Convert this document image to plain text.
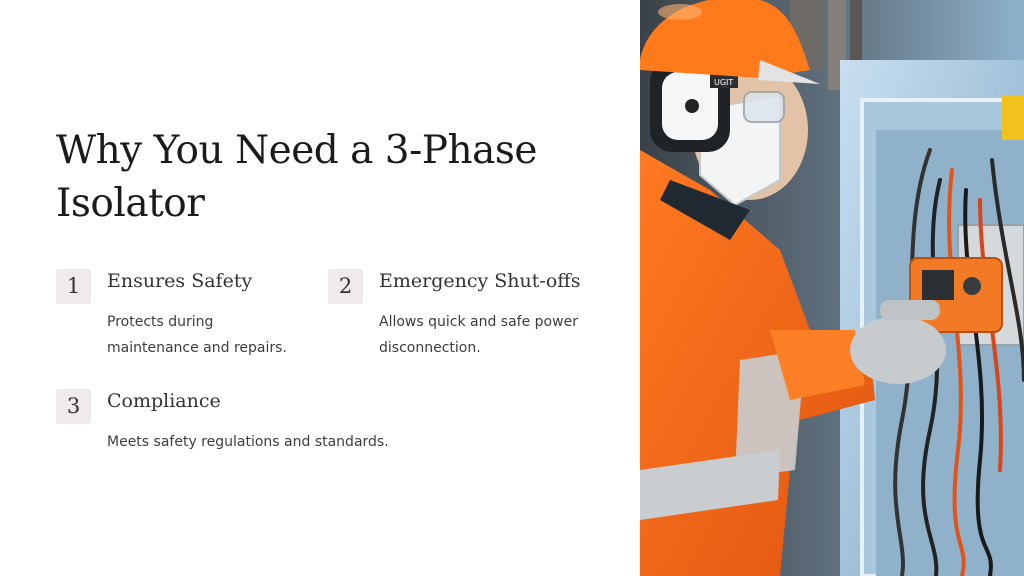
Why You Need a 3-Phase Isolator
1	Ensures Safety
Protects during maintenance and repairs.
2	Emergency Shut-offs
Allows quick and safe power disconnection.
3	Compliance
Meets safety regulations and standards.
UGIT
